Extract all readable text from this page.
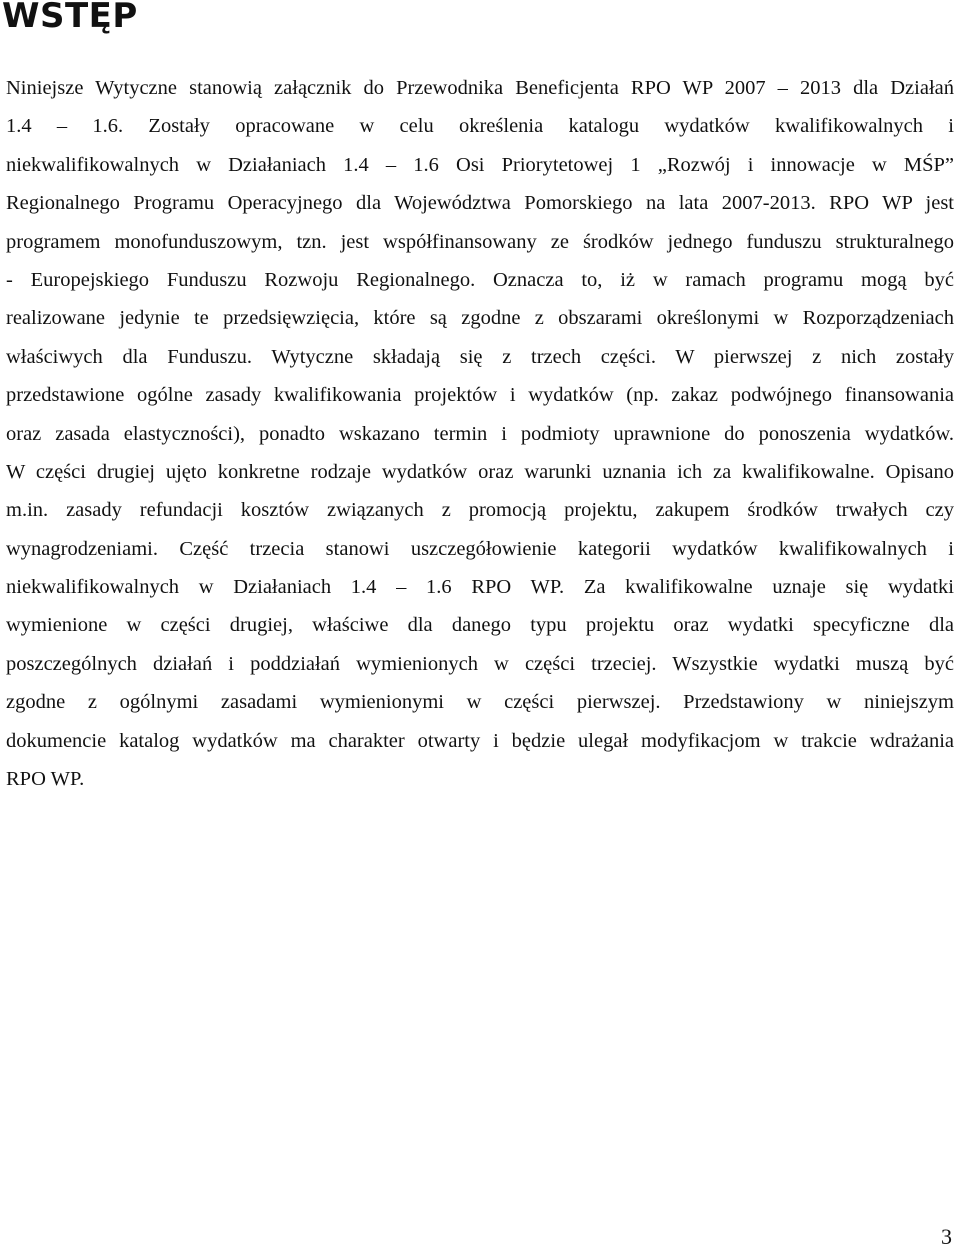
WSTĘP
Niniejsze Wytyczne stanowią załącznik do Przewodnika Beneficjenta RPO WP 2007 – 2013 dla Działań
1.4 – 1.6. Zostały opracowane w celu określenia katalogu wydatków kwalifikowalnych i
niekwalifikowalnych w Działaniach 1.4 – 1.6 Osi Priorytetowej 1 „Rozwój i innowacje w MŚP”
Regionalnego Programu Operacyjnego dla Województwa Pomorskiego na lata 2007-2013. RPO WP jest
programem monofunduszowym, tzn. jest współfinansowany ze środków jednego funduszu strukturalnego
- Europejskiego Funduszu Rozwoju Regionalnego. Oznacza to, iż w ramach programu mogą być
realizowane jedynie te przedsięwzięcia, które są zgodne z obszarami określonymi w Rozporządzeniach
właściwych dla Funduszu. Wytyczne składają się z trzech części. W pierwszej z nich zostały
przedstawione ogólne zasady kwalifikowania projektów i wydatków (np. zakaz podwójnego finansowania
oraz zasada elastyczności), ponadto wskazano termin i podmioty uprawnione do ponoszenia wydatków.
W części drugiej ujęto konkretne rodzaje wydatków oraz warunki uznania ich za kwalifikowalne. Opisano
m.in. zasady refundacji kosztów związanych z promocją projektu, zakupem środków trwałych czy
wynagrodzeniami. Część trzecia stanowi uszczegółowienie kategorii wydatków kwalifikowalnych i
niekwalifikowalnych w Działaniach 1.4 – 1.6 RPO WP. Za kwalifikowalne uznaje się wydatki
wymienione w części drugiej, właściwe dla danego typu projektu oraz wydatki specyficzne dla
poszczególnych działań i poddziałań wymienionych w części trzeciej. Wszystkie wydatki muszą być
zgodne z ogólnymi zasadami wymienionymi w części pierwszej. Przedstawiony w niniejszym
dokumencie katalog wydatków ma charakter otwarty i będzie ulegał modyfikacjom w trakcie wdrażania
RPO WP.

3
